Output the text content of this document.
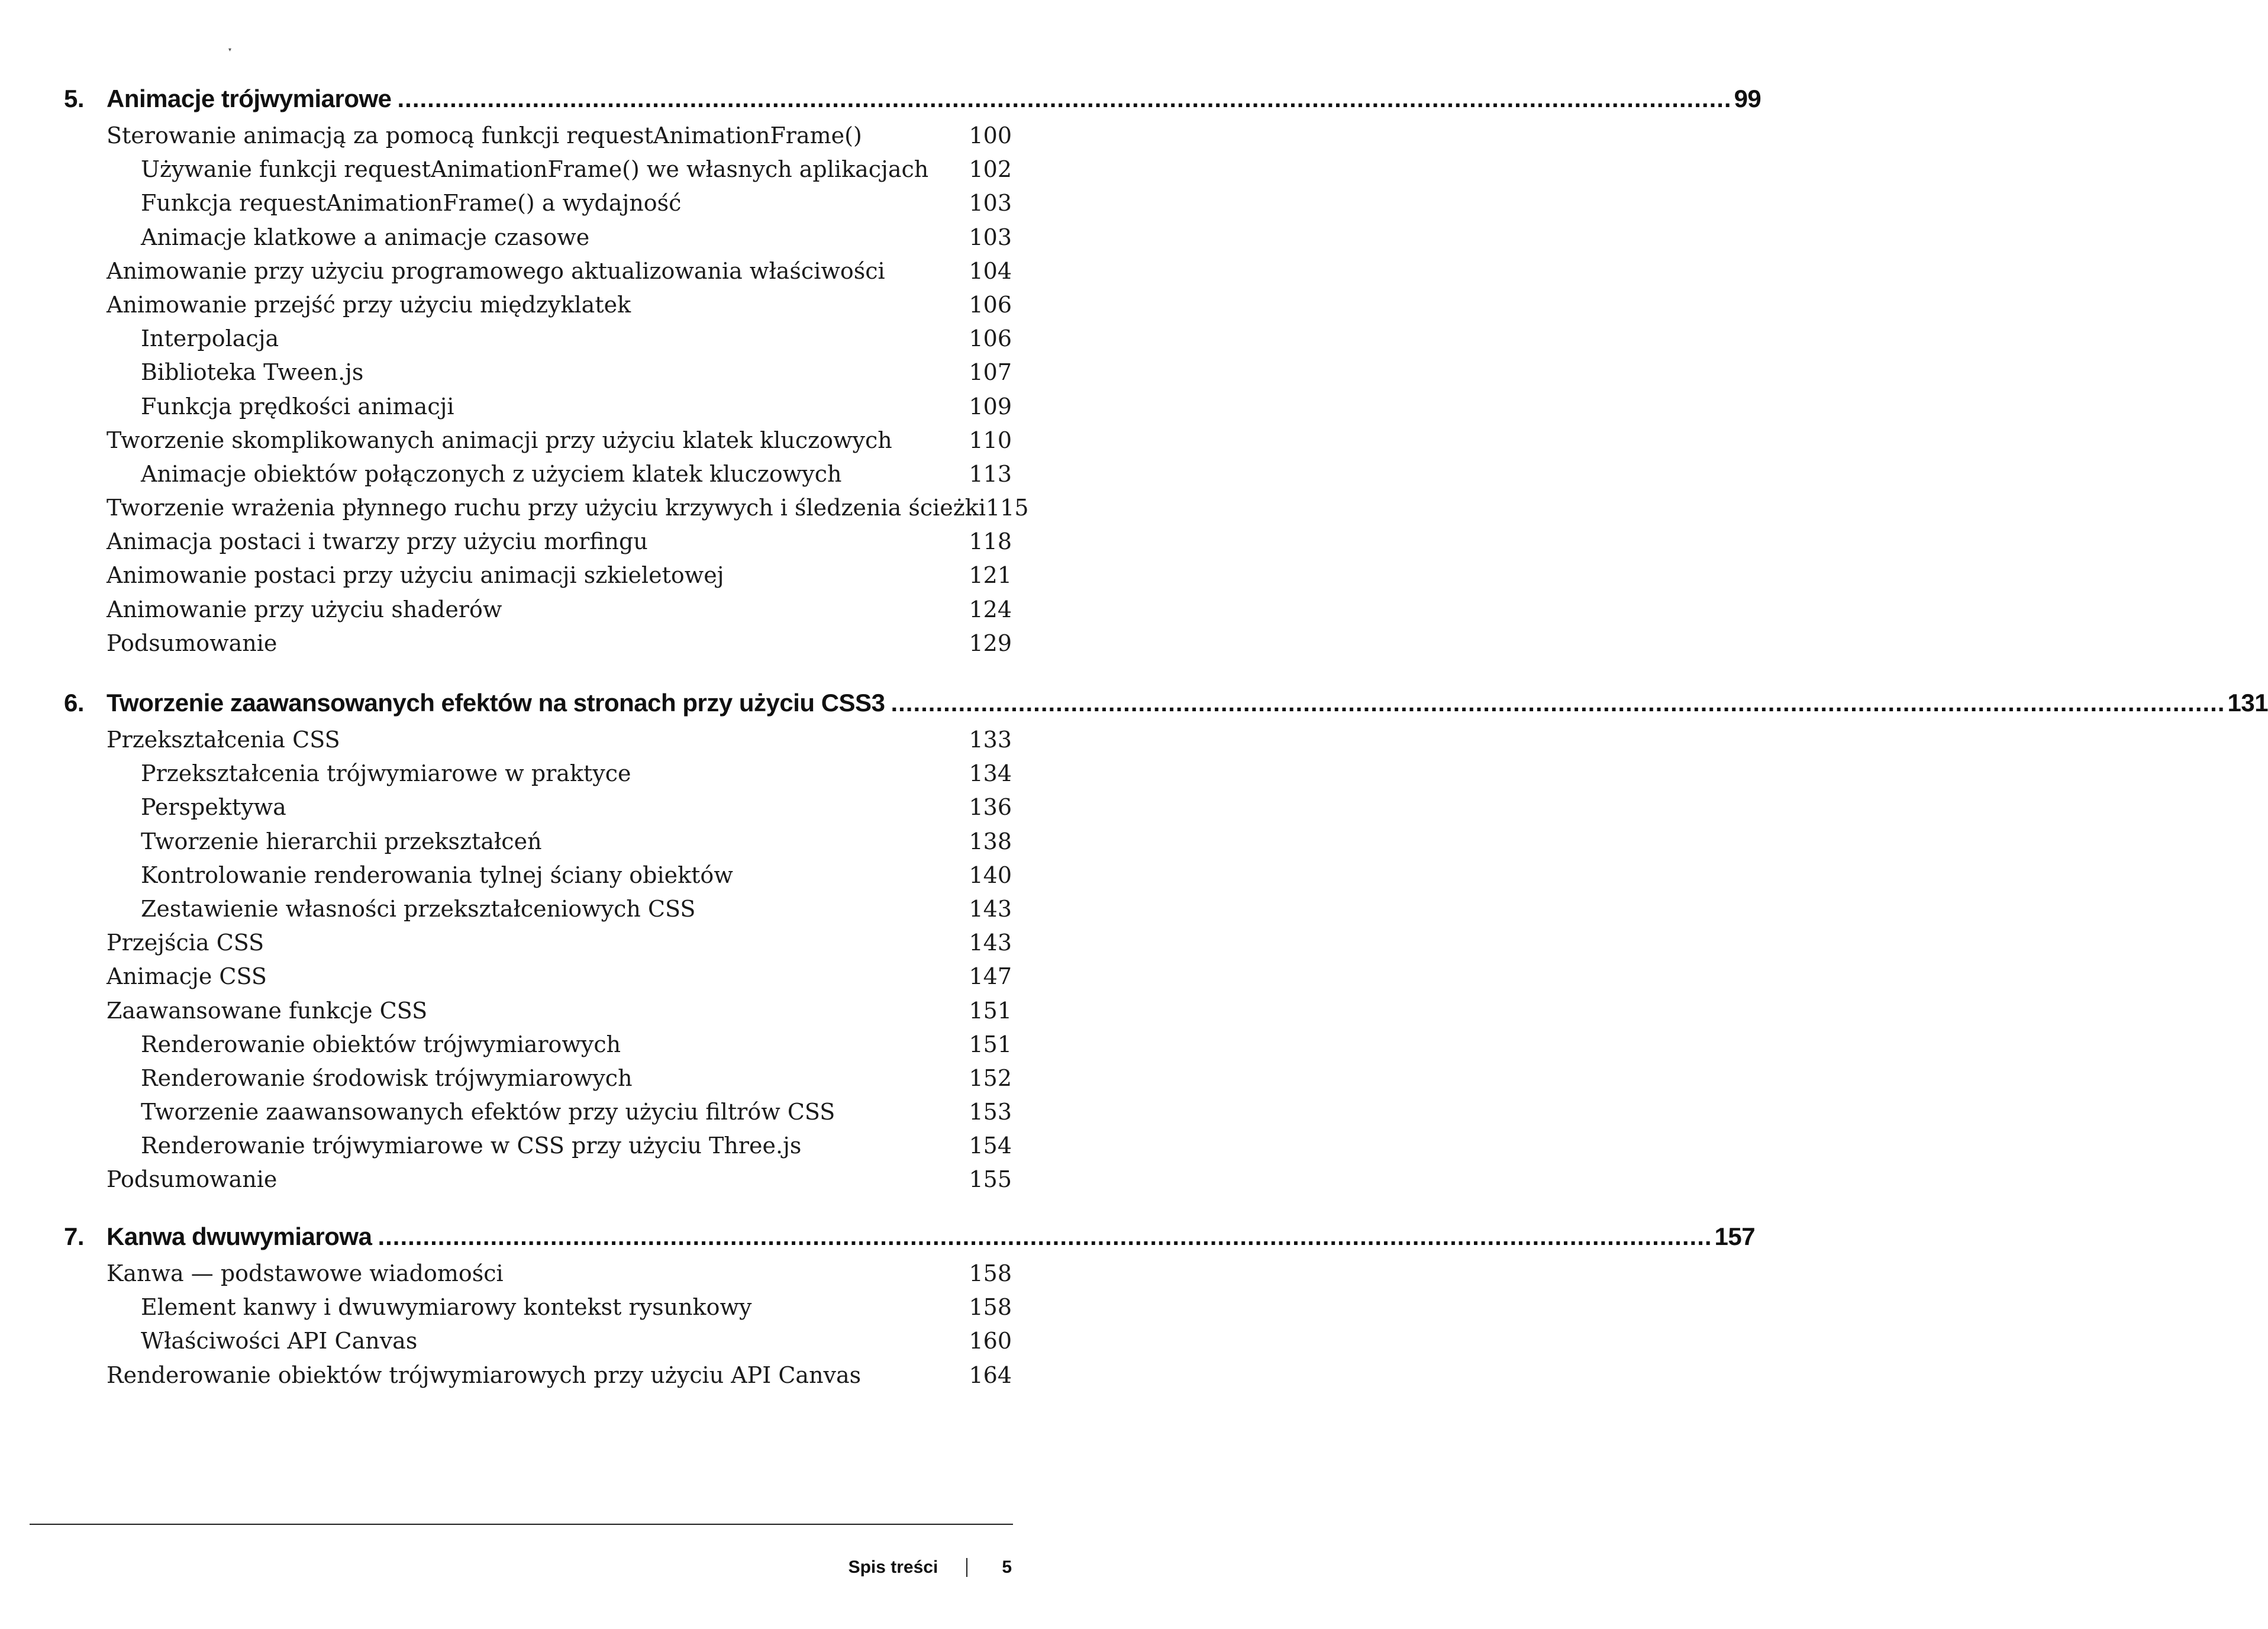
▾
5. Animacje trójwymiarowe .................................................................................................................................................................................. 99
Sterowanie animacją za pomocą funkcji requestAnimationFrame()	100
Używanie funkcji requestAnimationFrame() we własnych aplikacjach	102
Funkcja requestAnimationFrame() a wydajność	103
Animacje klatkowe a animacje czasowe	103
Animowanie przy użyciu programowego aktualizowania właściwości	104
Animowanie przejść przy użyciu międzyklatek	106
Interpolacja	106
Biblioteka Tween.js	107
Funkcja prędkości animacji	109
Tworzenie skomplikowanych animacji przy użyciu klatek kluczowych	110
Animacje obiektów połączonych z użyciem klatek kluczowych	113
Tworzenie wrażenia płynnego ruchu przy użyciu krzywych i śledzenia ścieżki 115
Animacja postaci i twarzy przy użyciu morfingu	118
Animowanie postaci przy użyciu animacji szkieletowej	121
Animowanie przy użyciu shaderów	124
Podsumowanie	129
6. Tworzenie zaawansowanych efektów na stronach przy użyciu CSS3 .................................................................................................................................................................................. 131
Przekształcenia CSS	133
Przekształcenia trójwymiarowe w praktyce	134
Perspektywa	136
Tworzenie hierarchii przekształceń	138
Kontrolowanie renderowania tylnej ściany obiektów	140
Zestawienie własności przekształceniowych CSS	143
Przejścia CSS	143
Animacje CSS	147
Zaawansowane funkcje CSS	151
Renderowanie obiektów trójwymiarowych	151
Renderowanie środowisk trójwymiarowych	152
Tworzenie zaawansowanych efektów przy użyciu filtrów CSS	153
Renderowanie trójwymiarowe w CSS przy użyciu Three.js	154
Podsumowanie	155
7. Kanwa dwuwymiarowa .................................................................................................................................................................................. 157
Kanwa — podstawowe wiadomości	158
Element kanwy i dwuwymiarowy kontekst rysunkowy	158
Właściwości API Canvas	160
Renderowanie obiektów trójwymiarowych przy użyciu API Canvas	164
Spis treści	5
